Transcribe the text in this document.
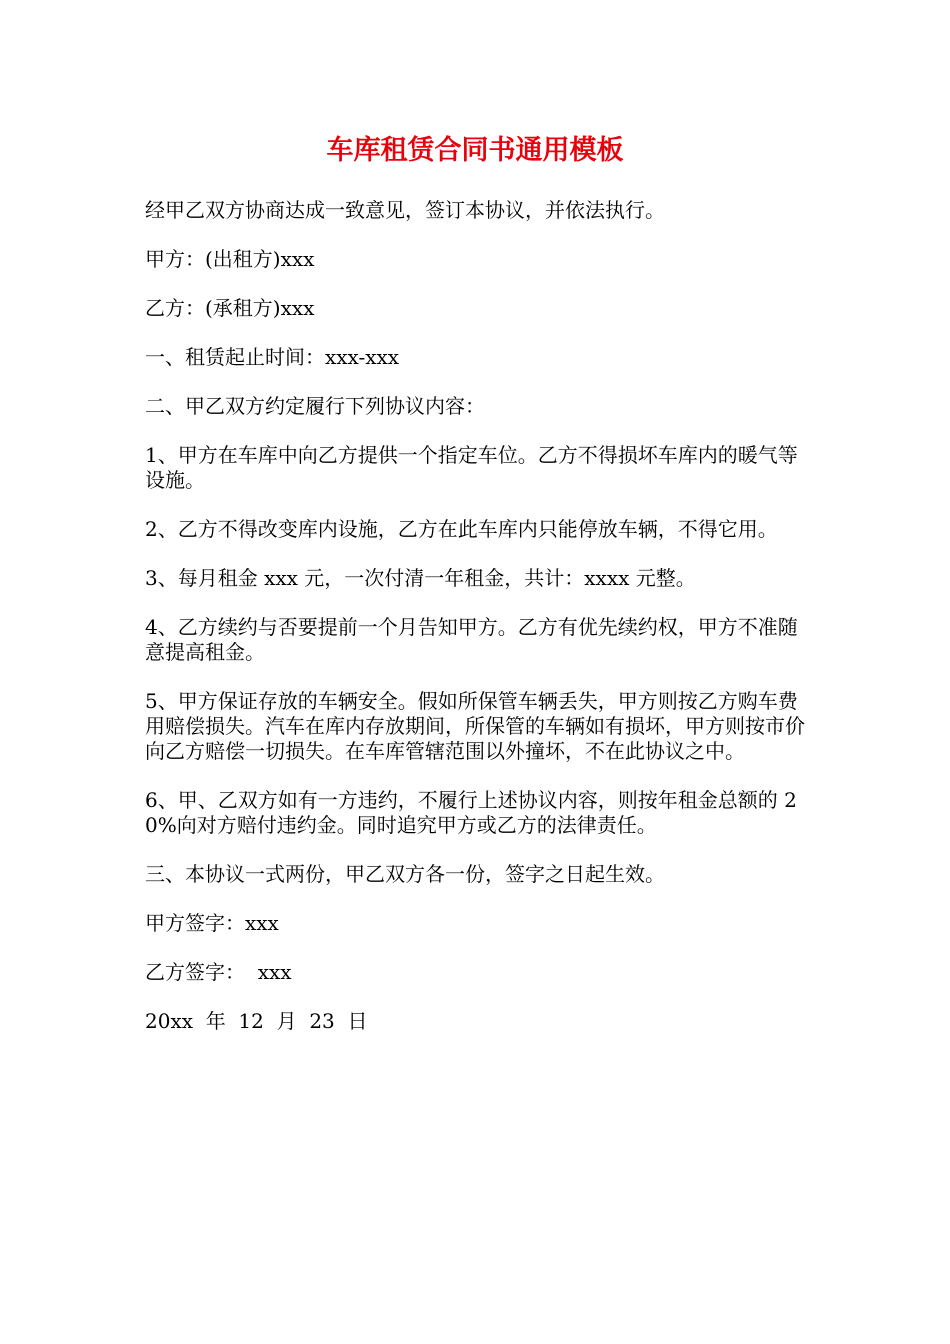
车库租赁合同书通用模板

经甲乙双方协商达成一致意见，签订本协议，并依法执行。

甲方：(出租方)xxx

乙方：(承租方)xxx

一、租赁起止时间：xxx-xxx

二、甲乙双方约定履行下列协议内容：

1、甲方在车库中向乙方提供一个指定车位。乙方不得损坏车库内的暖气等设施。

2、乙方不得改变库内设施，乙方在此车库内只能停放车辆，不得它用。

3、每月租金 xxx 元，一次付清一年租金，共计：xxxx 元整。

4、乙方续约与否要提前一个月告知甲方。乙方有优先续约权，甲方不准随意提高租金。

5、甲方保证存放的车辆安全。假如所保管车辆丢失，甲方则按乙方购车费用赔偿损失。汽车在库内存放期间，所保管的车辆如有损坏，甲方则按市价向乙方赔偿一切损失。在车库管辖范围以外撞坏，不在此协议之中。

6、甲、乙双方如有一方违约，不履行上述协议内容，则按年租金总额的 20%向对方赔付违约金。同时追究甲方或乙方的法律责任。

三、本协议一式两份，甲乙双方各一份，签字之日起生效。

甲方签字：xxx

乙方签字：  xxx

20xx  年  12  月  23  日
